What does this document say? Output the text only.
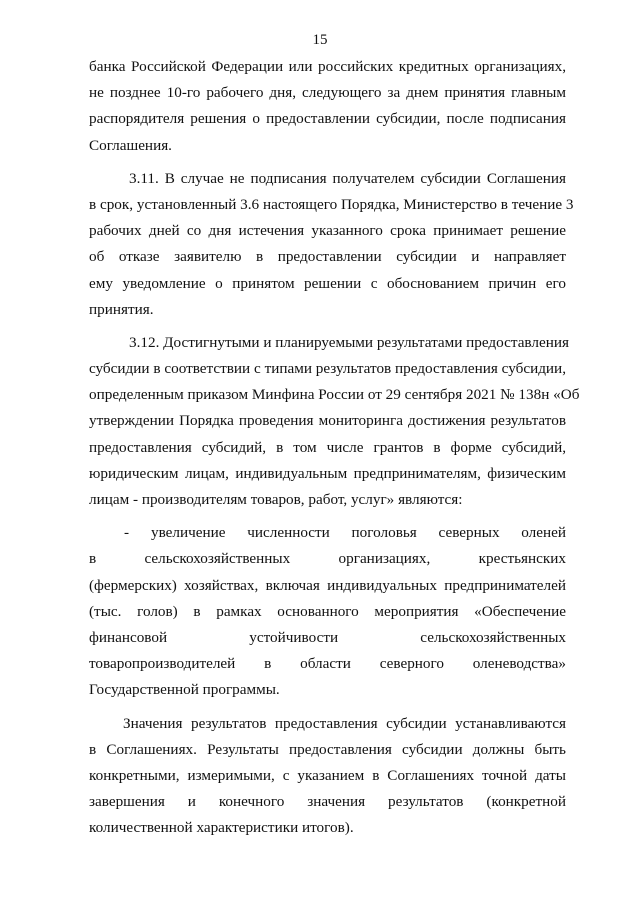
15
банка Российской Федерации или российских кредитных организациях,
не позднее 10-го рабочего дня, следующего за днем принятия главным
распорядителя решения о предоставлении субсидии, после подписания
Соглашения.
3.11. В случае не подписания получателем субсидии Соглашения
в срок, установленный 3.6 настоящего Порядка, Министерство в течение 3
рабочих дней со дня истечения указанного срока принимает решение
об отказе заявителю в предоставлении субсидии и направляет
ему уведомление о принятом решении с обоснованием причин его
принятия.
3.12. Достигнутыми и планируемыми результатами предоставления
субсидии в соответствии с типами результатов предоставления субсидии,
определенным приказом Минфина России от 29 сентября 2021 № 138н «Об
утверждении Порядка проведения мониторинга достижения результатов
предоставления субсидий, в том числе грантов в форме субсидий,
юридическим лицам, индивидуальным предпринимателям, физическим
лицам - производителям товаров, работ, услуг» являются:
- увеличение численности поголовья северных оленей
в сельскохозяйственных организациях, крестьянских
(фермерских) хозяйствах, включая индивидуальных предпринимателей
(тыс. голов) в рамках основанного мероприятия «Обеспечение
финансовой устойчивости сельскохозяйственных
товаропроизводителей в области северного оленеводства»
Государственной программы.
Значения результатов предоставления субсидии устанавливаются
в Соглашениях. Результаты предоставления субсидии должны быть
конкретными, измеримыми, с указанием в Соглашениях точной даты
завершения и конечного значения результатов (конкретной
количественной характеристики итогов).
